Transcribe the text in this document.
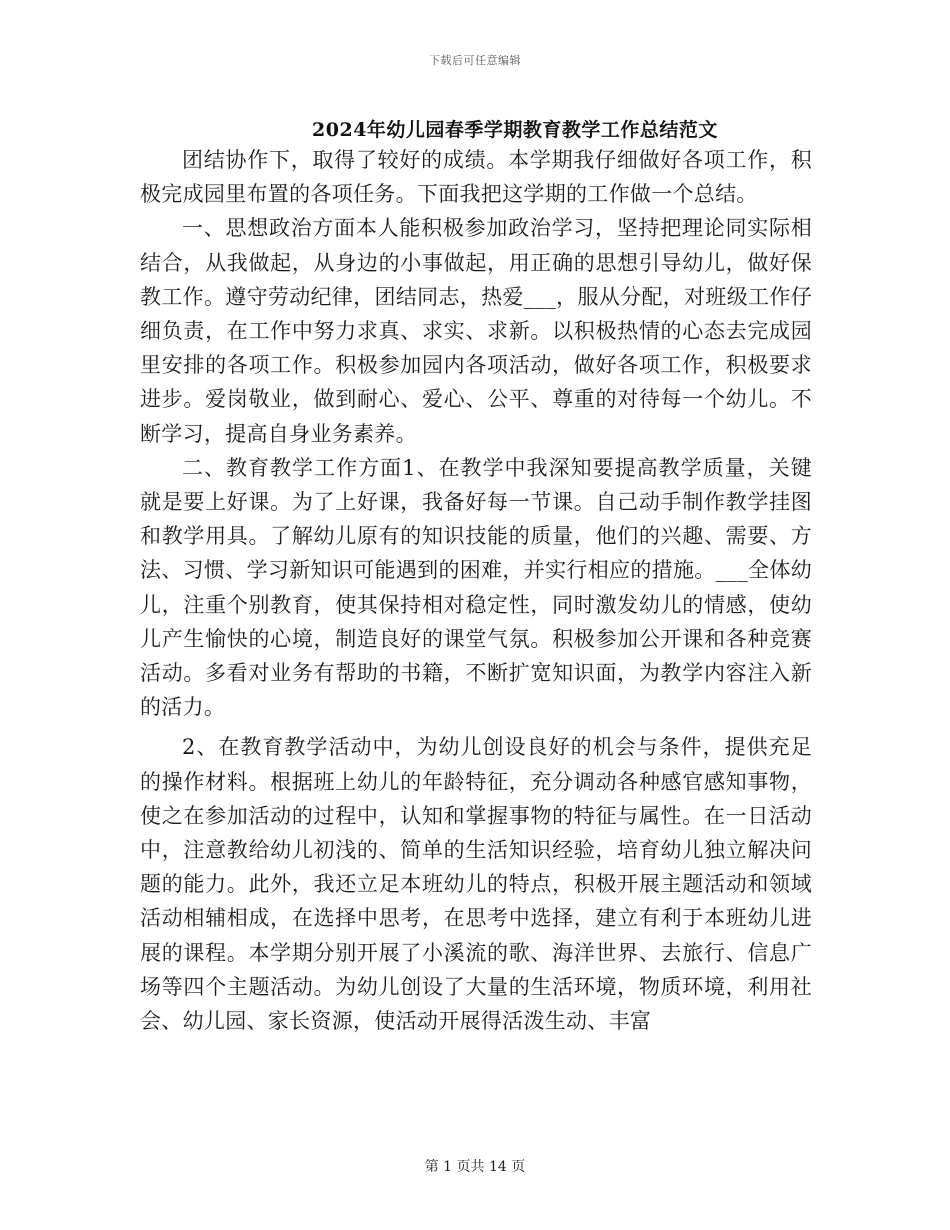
下载后可任意编辑
2024年幼儿园春季学期教育教学工作总结范文

团结协作下，取得了较好的成绩。本学期我仔细做好各项工作，积极完成园里布置的各项任务。下面我把这学期的工作做一个总结。

一、思想政治方面本人能积极参加政治学习，坚持把理论同实际相结合，从我做起，从身边的小事做起，用正确的思想引导幼儿，做好保教工作。遵守劳动纪律，团结同志，热爱___，服从分配，对班级工作仔细负责，在工作中努力求真、求实、求新。以积极热情的心态去完成园里安排的各项工作。积极参加园内各项活动，做好各项工作，积极要求进步。爱岗敬业，做到耐心、爱心、公平、尊重的对待每一个幼儿。不断学习，提高自身业务素养。

二、教育教学工作方面1、在教学中我深知要提高教学质量，关键就是要上好课。为了上好课，我备好每一节课。自己动手制作教学挂图和教学用具。了解幼儿原有的知识技能的质量，他们的兴趣、需要、方法、习惯、学习新知识可能遇到的困难，并实行相应的措施。___全体幼儿，注重个别教育，使其保持相对稳定性，同时激发幼儿的情感，使幼儿产生愉快的心境，制造良好的课堂气氛。积极参加公开课和各种竞赛活动。多看对业务有帮助的书籍，不断扩宽知识面，为教学内容注入新的活力。

2、在教育教学活动中，为幼儿创设良好的机会与条件，提供充足的操作材料。根据班上幼儿的年龄特征，充分调动各种感官感知事物，使之在参加活动的过程中，认知和掌握事物的特征与属性。在一日活动中，注意教给幼儿初浅的、简单的生活知识经验，培育幼儿独立解决问题的能力。此外，我还立足本班幼儿的特点，积极开展主题活动和领域活动相辅相成，在选择中思考，在思考中选择，建立有利于本班幼儿进展的课程。本学期分别开展了小溪流的歌、海洋世界、去旅行、信息广场等四个主题活动。为幼儿创设了大量的生活环境，物质环境，利用社会、幼儿园、家长资源，使活动开展得活泼生动、丰富

第 1 页共 14 页
